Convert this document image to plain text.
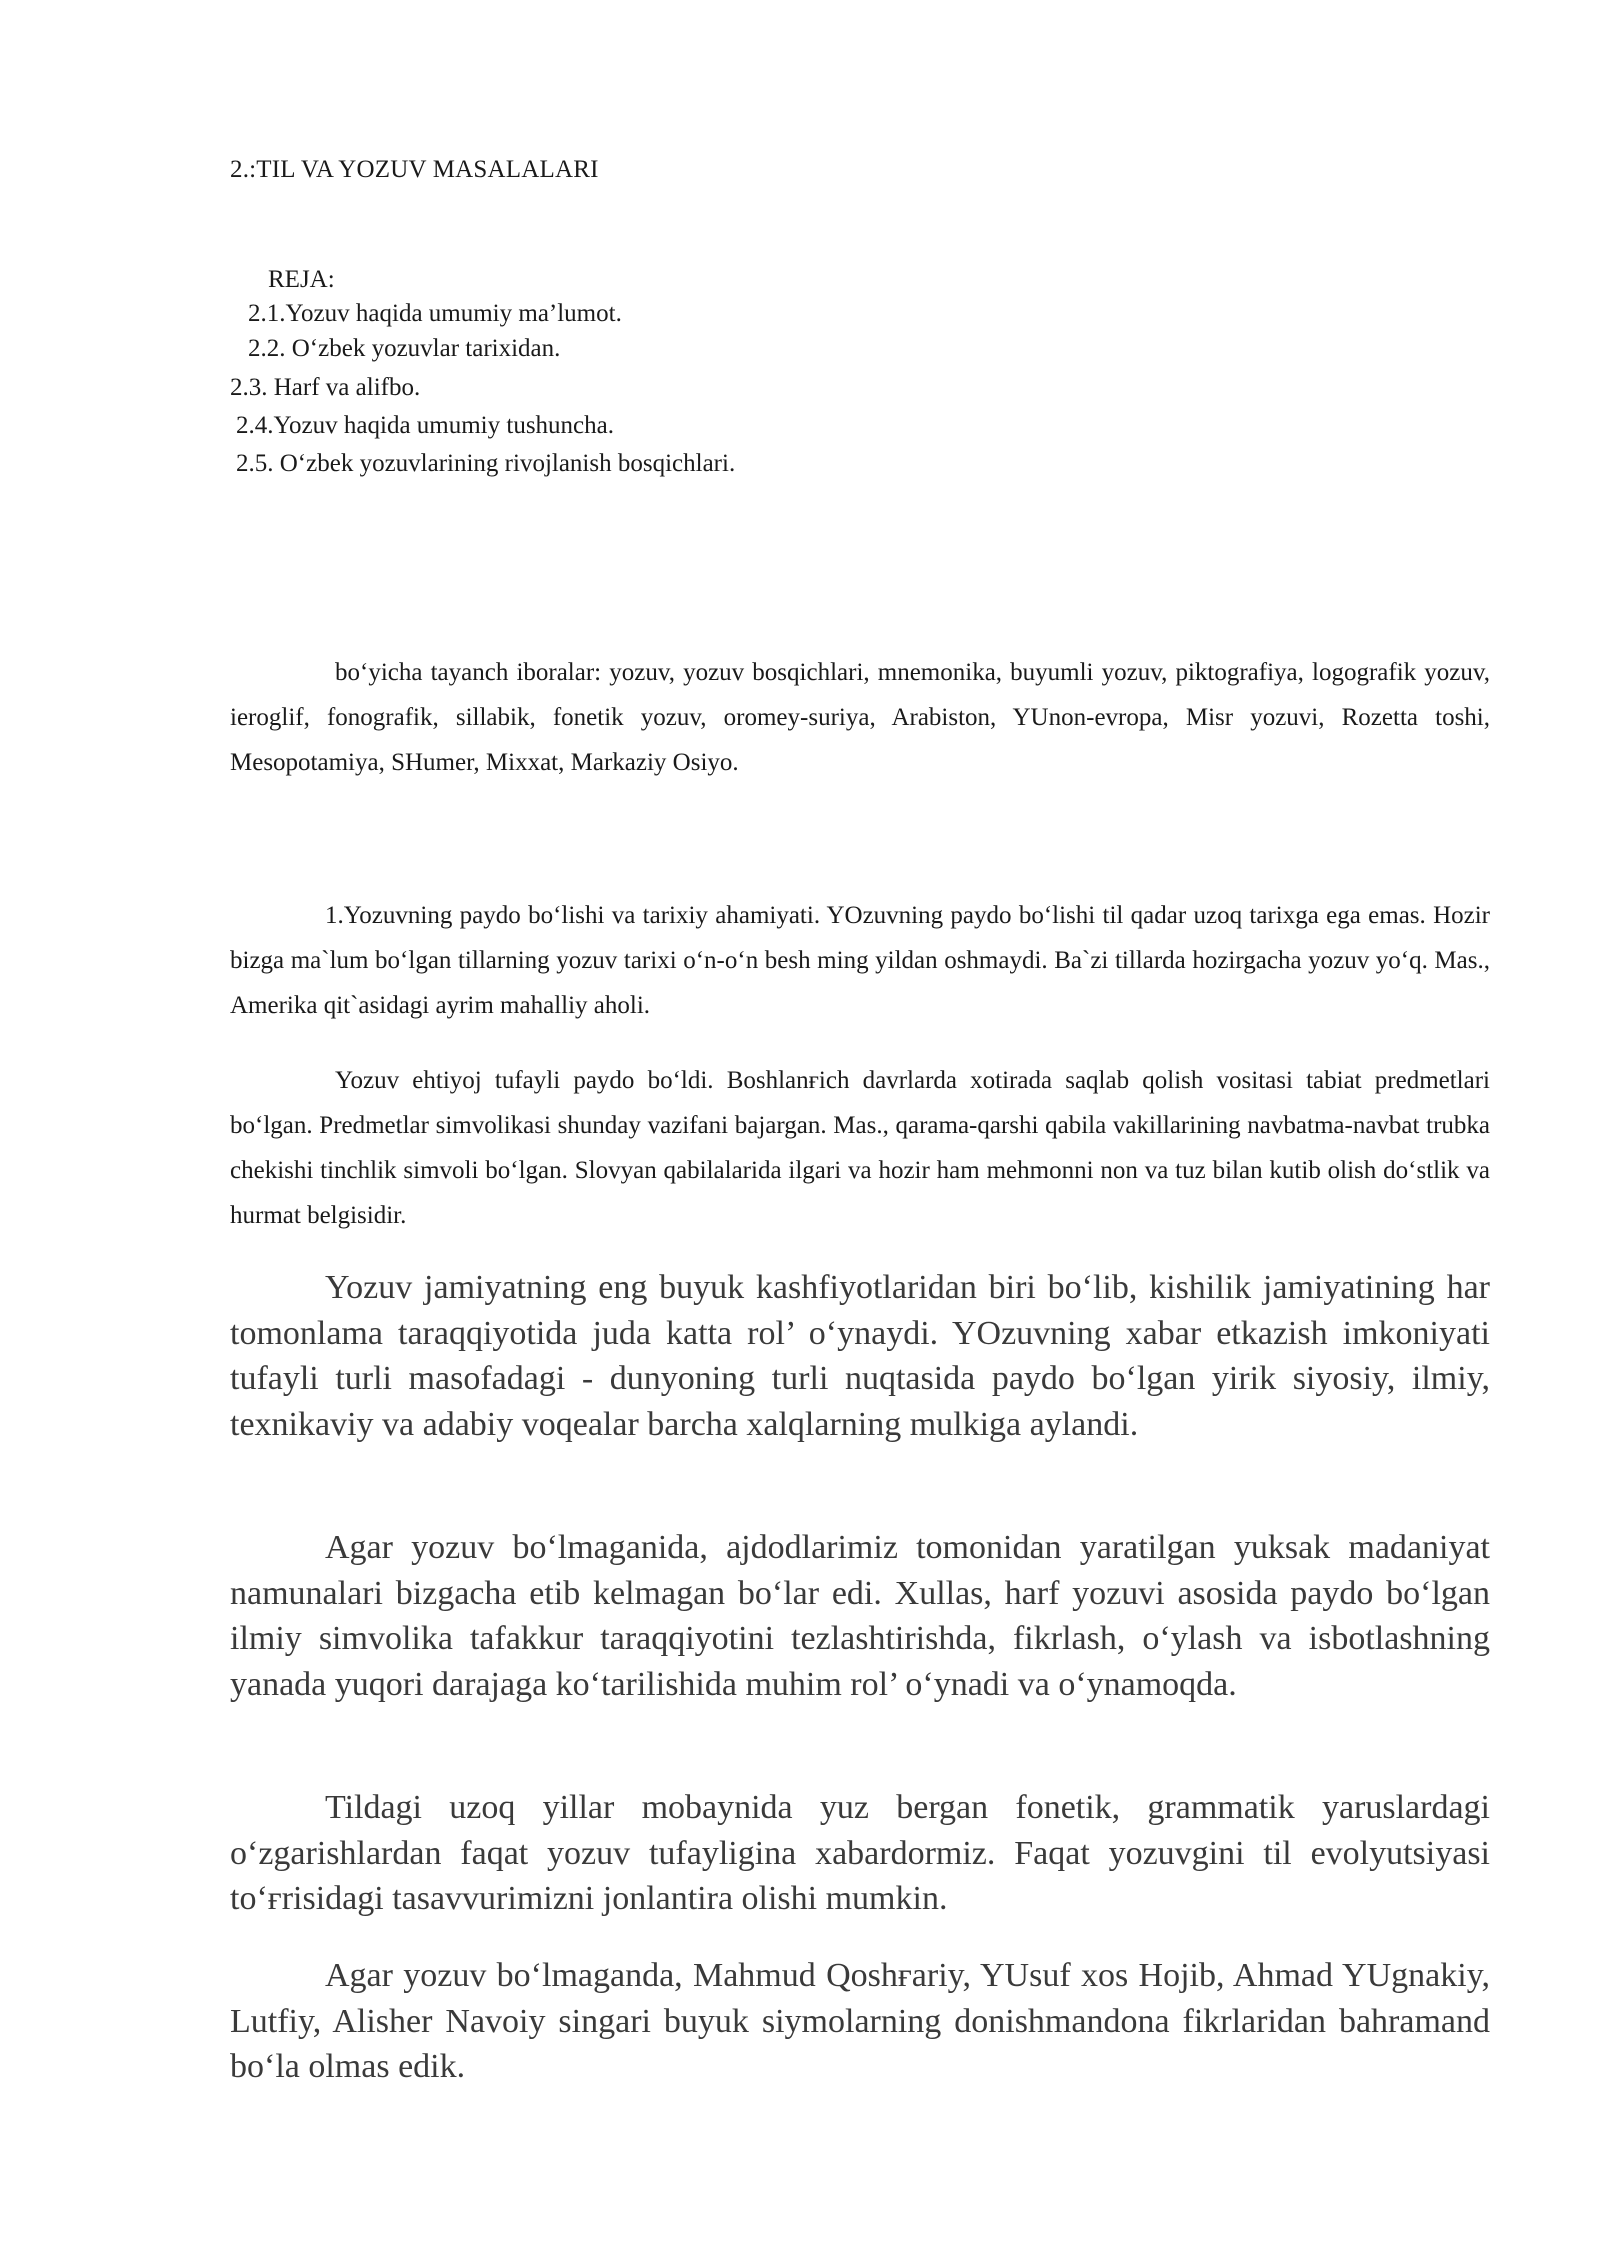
2.:TIL VA YOZUV MASALALARI
REJA:
2.1.Yozuv haqida umumiy ma’lumot.
2.2. O‘zbek yozuvlar tarixidan.
2.3. Harf va alifbo.
2.4.Yozuv haqida umumiy tushuncha.
2.5. O‘zbek yozuvlarining rivojlanish bosqichlari.

bo‘yicha tayanch iboralar: yozuv, yozuv bosqichlari, mnemonika, buyumli yozuv, piktografiya, logografik yozuv, ieroglif, fonografik, sillabik, fonetik yozuv, oromey-suriya, Arabiston, YUnon-evropa, Misr yozuvi, Rozetta toshi, Mesopotamiya, SHumer, Mixxat, Markaziy Osiyo.

1.Yozuvning paydo bo‘lishi va tarixiy ahamiyati. YOzuvning paydo bo‘lishi til qadar uzoq tarixga ega emas. Hozir bizga ma`lum bo‘lgan tillarning yozuv tarixi o‘n-o‘n besh ming yildan oshmaydi. Ba`zi tillarda hozirgacha yozuv yo‘q. Mas., Amerika qit`asidagi ayrim mahalliy aholi.

Yozuv ehtiyoj tufayli paydo bo‘ldi. Boshlanғich davrlarda xotirada saqlab qolish vositasi tabiat predmetlari bo‘lgan. Predmetlar simvolikasi shunday vazifani bajargan. Mas., qarama-qarshi qabila vakillarining navbatma-navbat trubka chekishi tinchlik simvoli bo‘lgan. Slovyan qabilalarida ilgari va hozir ham mehmonni non va tuz bilan kutib olish do‘stlik va hurmat belgisidir.

Yozuv jamiyatning eng buyuk kashfiyotlaridan biri bo‘lib, kishilik jamiyatining har tomonlama taraqqiyotida juda katta rol’ o‘ynaydi. YOzuvning xabar etkazish imkoniyati tufayli turli masofadagi - dunyoning turli nuqtasida paydo bo‘lgan yirik siyosiy, ilmiy, texnikaviy va adabiy voqealar barcha xalqlarning mulkiga aylandi.

Agar yozuv bo‘lmaganida, ajdodlarimiz tomonidan yaratilgan yuksak madaniyat namunalari bizgacha etib kelmagan bo‘lar edi. Xullas, harf yozuvi asosida paydo bo‘lgan ilmiy simvolika tafakkur taraqqiyotini tezlashtirishda, fikrlash, o‘ylash va isbotlashning yanada yuqori darajaga ko‘tarilishida muhim rol’ o‘ynadi va o‘ynamoqda.

Tildagi uzoq yillar mobaynida yuz bergan fonetik, grammatik yaruslardagi o‘zgarishlardan faqat yozuv tufayligina xabardormiz. Faqat yozuvgini til evolyutsiyasi to‘ғrisidagi tasavvurimizni jonlantira olishi mumkin.

Agar yozuv bo‘lmaganda, Mahmud Qoshғariy, YUsuf xos Hojib, Ahmad YUgnakiy, Lutfiy, Alisher Navoiy singari buyuk siymolarning donishmandona fikrlaridan bahramand bo‘la olmas edik.
